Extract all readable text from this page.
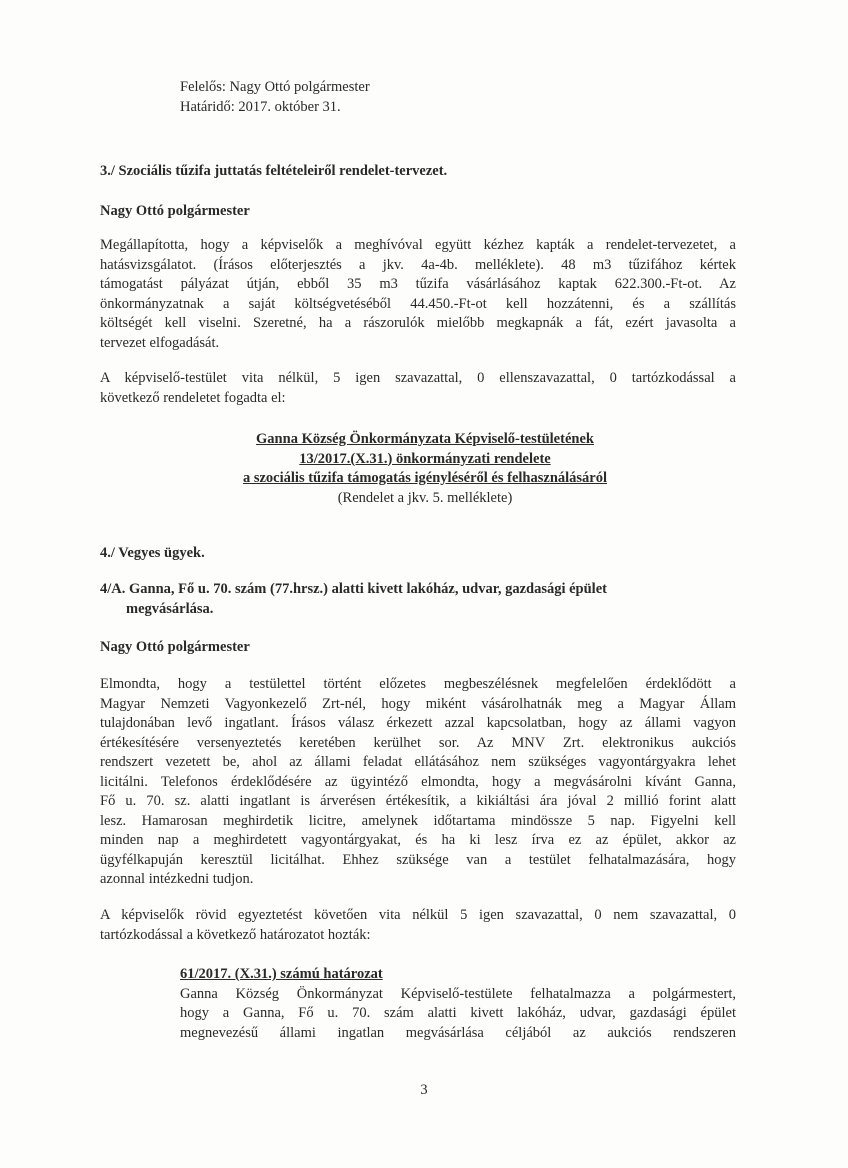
Felelős: Nagy Ottó polgármester
Határidő: 2017. október 31.
3./ Szociális tűzifa juttatás feltételeiről rendelet-tervezet.
Nagy Ottó polgármester
Megállapította, hogy a képviselők a meghívóval együtt kézhez kapták a rendelet-tervezetet, a
hatásvizsgálatot. (Írásos előterjesztés a jkv. 4a-4b. melléklete). 48 m3 tűzifához kértek
támogatást pályázat útján, ebből 35 m3 tűzifa vásárlásához kaptak 622.300.-Ft-ot. Az
önkormányzatnak a saját költségvetéséből 44.450.-Ft-ot kell hozzátenni, és a szállítás
költségét kell viselni. Szeretné, ha a rászorulók mielőbb megkapnák a fát, ezért javasolta a
tervezet elfogadását.
A képviselő-testület vita nélkül, 5 igen szavazattal, 0 ellenszavazattal, 0 tartózkodással a
következő rendeletet fogadta el:
Ganna Község Önkormányzata Képviselő-testületének
13/2017.(X.31.) önkormányzati rendelete
a szociális tűzifa támogatás igényléséről és felhasználásáról
(Rendelet a jkv. 5. melléklete)
4./ Vegyes ügyek.
4/A. Ganna, Fő u. 70. szám (77.hrsz.) alatti kivett lakóház, udvar, gazdasági épület
megvásárlása.
Nagy Ottó polgármester
Elmondta, hogy a testülettel történt előzetes megbeszélésnek megfelelően érdeklődött a
Magyar Nemzeti Vagyonkezelő Zrt-nél, hogy miként vásárolhatnák meg a Magyar Állam
tulajdonában levő ingatlant. Írásos válasz érkezett azzal kapcsolatban, hogy az állami vagyon
értékesítésére versenyeztetés keretében kerülhet sor. Az MNV Zrt. elektronikus aukciós
rendszert vezetett be, ahol az állami feladat ellátásához nem szükséges vagyontárgyakra lehet
licitálni. Telefonos érdeklődésére az ügyintéző elmondta, hogy a megvásárolni kívánt Ganna,
Fő u. 70. sz. alatti ingatlant is árverésen értékesítik, a kikiáltási ára jóval 2 millió forint alatt
lesz. Hamarosan meghirdetik licitre, amelynek időtartama mindössze 5 nap. Figyelni kell
minden nap a meghirdetett vagyontárgyakat, és ha ki lesz írva ez az épület, akkor az
ügyfélkapuján keresztül licitálhat. Ehhez szüksége van a testület felhatalmazására, hogy
azonnal intézkedni tudjon.
A képviselők rövid egyeztetést követően vita nélkül 5 igen szavazattal, 0 nem szavazattal, 0
tartózkodással a következő határozatot hozták:
61/2017. (X.31.) számú határozat
Ganna Község Önkormányzat Képviselő-testülete felhatalmazza a polgármestert,
hogy a Ganna, Fő u. 70. szám alatti kivett lakóház, udvar, gazdasági épület
megnevezésű állami ingatlan megvásárlása céljából az aukciós rendszeren
3
